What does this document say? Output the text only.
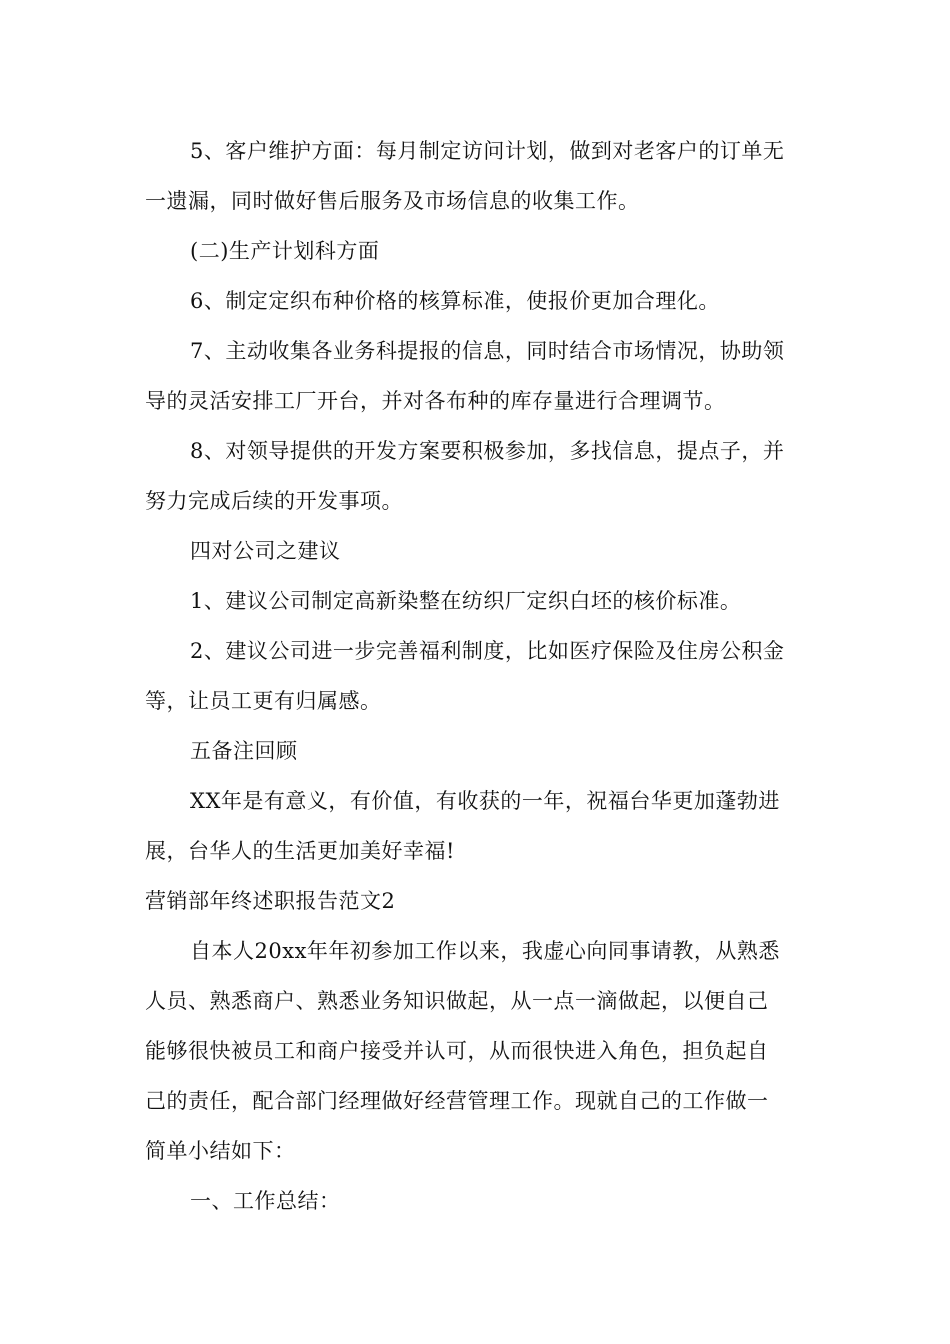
5、客户维护方面：每月制定访问计划，做到对老客户的订单无
一遗漏，同时做好售后服务及市场信息的收集工作。
(二)生产计划科方面
6、制定定织布种价格的核算标准，使报价更加合理化。
7、主动收集各业务科提报的信息，同时结合市场情况，协助领
导的灵活安排工厂开台，并对各布种的库存量进行合理调节。
8、对领导提供的开发方案要积极参加，多找信息，提点子，并
努力完成后续的开发事项。
四对公司之建议
1、建议公司制定高新染整在纺织厂定织白坯的核价标准。
2、建议公司进一步完善福利制度，比如医疗保险及住房公积金
等，让员工更有归属感。
五备注回顾
XX年是有意义，有价值，有收获的一年，祝福台华更加蓬勃进
展，台华人的生活更加美好幸福!
营销部年终述职报告范文2
自本人20xx年年初参加工作以来，我虚心向同事请教，从熟悉
人员、熟悉商户、熟悉业务知识做起，从一点一滴做起，以便自己
能够很快被员工和商户接受并认可，从而很快进入角色，担负起自
己的责任，配合部门经理做好经营管理工作。现就自己的工作做一
简单小结如下：
一、工作总结：
